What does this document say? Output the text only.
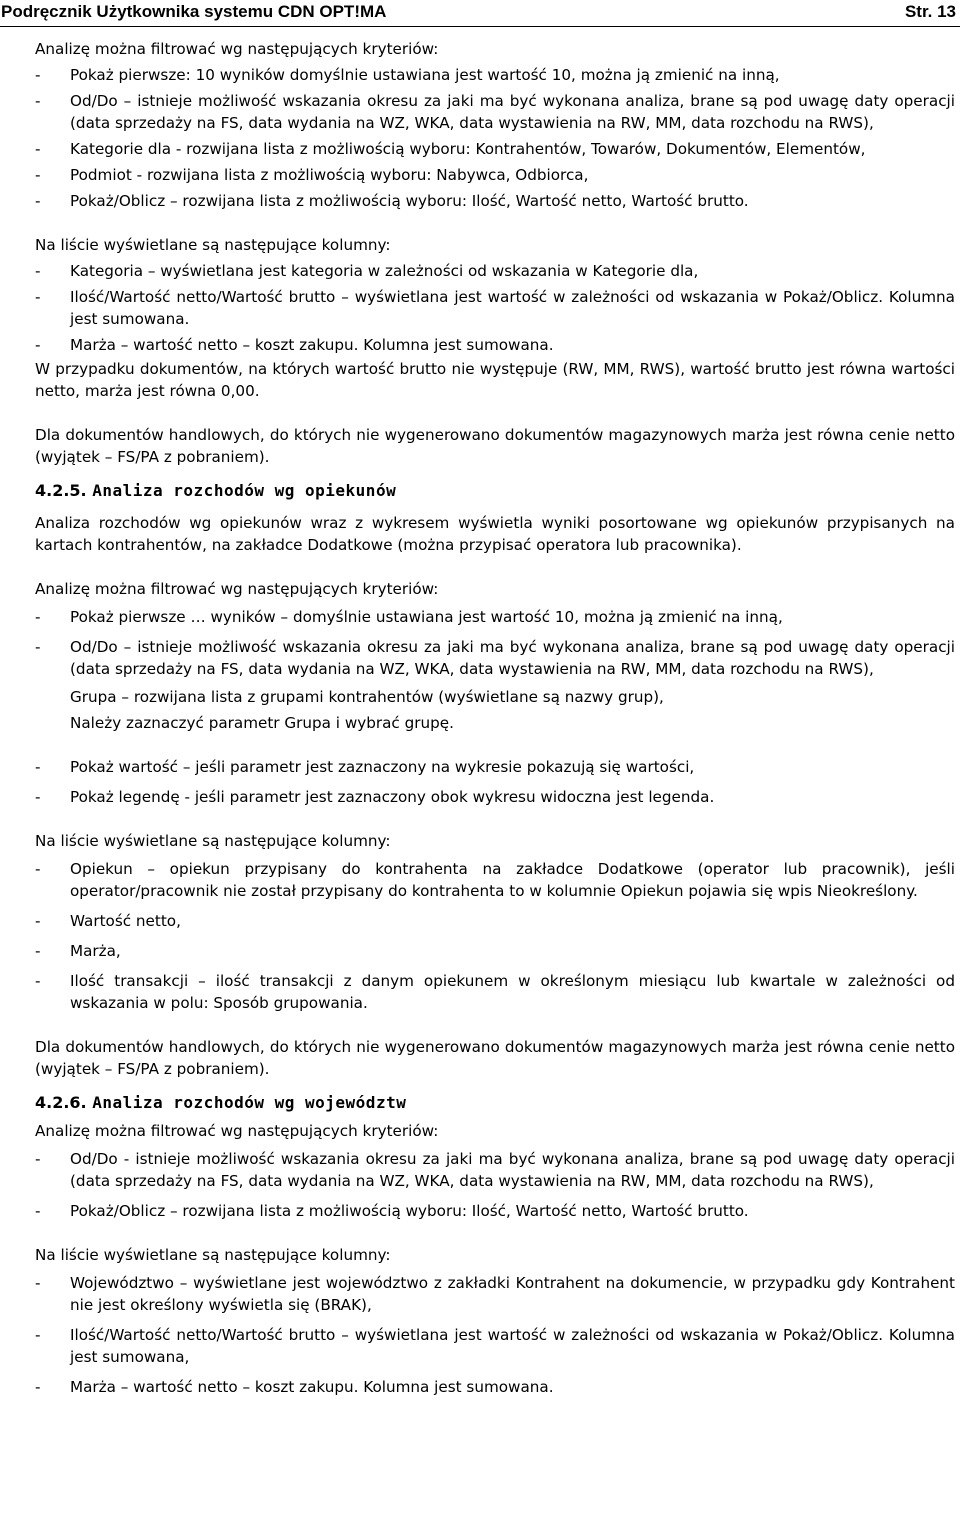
Podręcznik Użytkownika systemu CDN OPT!MA	Str. 13

Analizę można filtrować wg następujących kryteriów:

- Pokaż pierwsze: 10 wyników domyślnie ustawiana jest wartość 10, można ją zmienić na inną,
- Od/Do – istnieje możliwość wskazania okresu za jaki ma być wykonana analiza, brane są pod uwagę daty operacji (data sprzedaży na FS, data wydania na WZ, WKA, data wystawienia na RW, MM, data rozchodu na RWS),
- Kategorie dla - rozwijana lista z możliwością wyboru: Kontrahentów, Towarów, Dokumentów, Elementów,
- Podmiot - rozwijana lista z możliwością wyboru: Nabywca, Odbiorca,
- Pokaż/Oblicz – rozwijana lista z możliwością wyboru: Ilość, Wartość netto, Wartość brutto.

Na liście wyświetlane są następujące kolumny:

- Kategoria – wyświetlana jest kategoria w zależności od wskazania w Kategorie dla,
- Ilość/Wartość netto/Wartość brutto – wyświetlana jest wartość w zależności od wskazania w Pokaż/Oblicz. Kolumna jest sumowana.
- Marża – wartość netto – koszt zakupu. Kolumna jest sumowana.

W przypadku dokumentów, na których wartość brutto nie występuje (RW, MM, RWS), wartość brutto jest równa wartości netto, marża jest równa 0,00.

Dla dokumentów handlowych, do których nie wygenerowano dokumentów magazynowych marża jest równa cenie netto (wyjątek – FS/PA z pobraniem).

4.2.5. Analiza rozchodów wg opiekunów

Analiza rozchodów wg opiekunów wraz z wykresem wyświetla wyniki posortowane wg opiekunów przypisanych na kartach kontrahentów, na zakładce Dodatkowe (można przypisać operatora lub pracownika).

Analizę można filtrować wg następujących kryteriów:

- Pokaż pierwsze … wyników – domyślnie ustawiana jest wartość 10, można ją zmienić na inną,
- Od/Do – istnieje możliwość wskazania okresu za jaki ma być wykonana analiza, brane są pod uwagę daty operacji (data sprzedaży na FS, data wydania na WZ, WKA, data wystawienia na RW, MM, data rozchodu na RWS),

Grupa – rozwijana lista z grupami kontrahentów (wyświetlane są nazwy grup),

Należy zaznaczyć parametr Grupa i wybrać grupę.

- Pokaż wartość – jeśli parametr jest zaznaczony na wykresie pokazują się wartości,
- Pokaż legendę - jeśli parametr jest zaznaczony obok wykresu widoczna jest legenda.

Na liście wyświetlane są następujące kolumny:

- Opiekun – opiekun przypisany do kontrahenta na zakładce Dodatkowe (operator lub pracownik), jeśli operator/pracownik nie został przypisany do kontrahenta to w kolumnie Opiekun pojawia się wpis Nieokreślony.
- Wartość netto,
- Marża,
- Ilość transakcji – ilość transakcji z danym opiekunem w określonym miesiącu lub kwartale w zależności od wskazania w polu: Sposób grupowania.

Dla dokumentów handlowych, do których nie wygenerowano dokumentów magazynowych marża jest równa cenie netto (wyjątek – FS/PA z pobraniem).

4.2.6. Analiza rozchodów wg województw

Analizę można filtrować wg następujących kryteriów:

- Od/Do - istnieje możliwość wskazania okresu za jaki ma być wykonana analiza, brane są pod uwagę daty operacji (data sprzedaży na FS, data wydania na WZ, WKA, data wystawienia na RW, MM, data rozchodu na RWS),
- Pokaż/Oblicz – rozwijana lista z możliwością wyboru: Ilość, Wartość netto, Wartość brutto.

Na liście wyświetlane są następujące kolumny:

- Województwo – wyświetlane jest województwo z zakładki Kontrahent na dokumencie, w przypadku gdy Kontrahent nie jest określony wyświetla się (BRAK),
- Ilość/Wartość netto/Wartość brutto – wyświetlana jest wartość w zależności od wskazania w Pokaż/Oblicz. Kolumna jest sumowana,
- Marża – wartość netto – koszt zakupu. Kolumna jest sumowana.
